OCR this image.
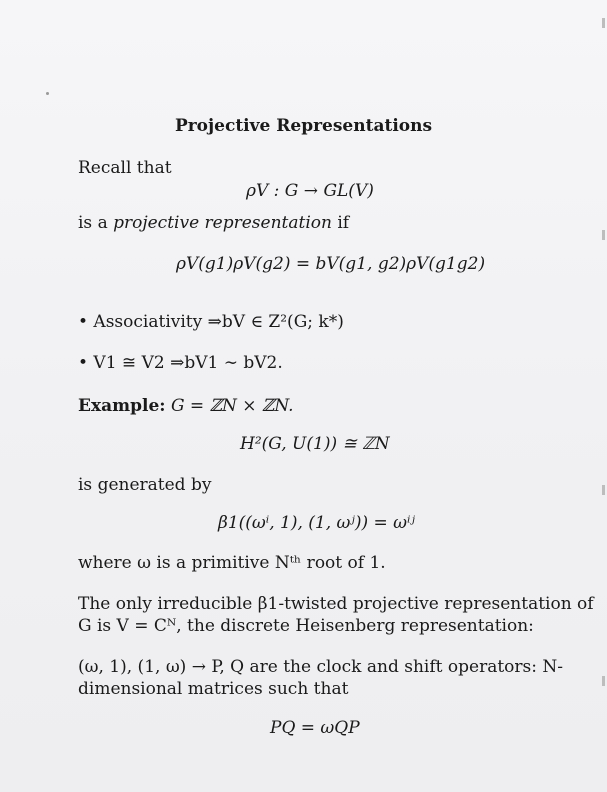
Projective Representations
Recall that
ρV : G → GL(V)
is a projective representation if
ρV(g1)ρV(g2) = bV(g1, g2)ρV(g1g2)
• Associativity ⇒bV ∈ Z²(G; k*)
• V1 ≅ V2 ⇒bV1 ∼ bV2.
Example: G = ℤN × ℤN.
H²(G, U(1)) ≅ ℤN
is generated by
β1((ωⁱ, 1), (1, ωʲ)) = ωⁱʲ
where ω is a primitive Nᵗʰ root of 1.
The only irreducible β1-twisted projective representation of
G is V = Cᴺ, the discrete Heisenberg representation:
(ω, 1), (1, ω) → P, Q are the clock and shift operators: N-
dimensional matrices such that
PQ = ωQP
